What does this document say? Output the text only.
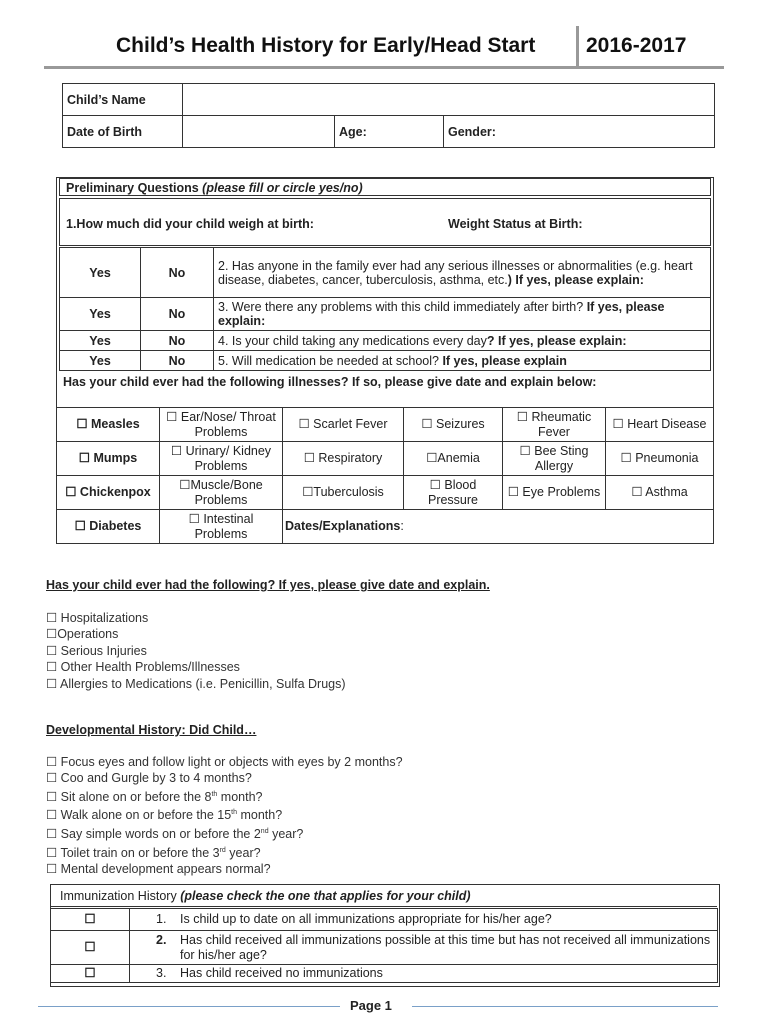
Child’s Health History for Early/Head Start	2016-2017
Child’s Name			
Date of Birth		Age:	Gender:
Preliminary Questions (please fill or circle yes/no)
1.How much did your child weigh at birth:	Weight Status at Birth:
Yes	No	2. Has anyone in the family ever had any serious illnesses or abnormalities (e.g. heart disease, diabetes, cancer, tuberculosis, asthma, etc.) If yes, please explain:
Yes	No	3. Were there any problems with this child immediately after birth? If yes, please explain:
Yes	No	4. Is your child taking any medications every day? If yes, please explain:
Yes	No	5. Will medication be needed at school? If yes, please explain
Has your child ever had the following illnesses? If so, please give date and explain below:
☐ Measles	☐ Ear/Nose/ Throat Problems	☐ Scarlet Fever	☐ Seizures	☐ Rheumatic Fever	☐ Heart Disease
☐ Mumps	☐ Urinary/ Kidney Problems	☐ Respiratory	☐Anemia	☐ Bee Sting Allergy	☐ Pneumonia
☐ Chickenpox	☐Muscle/Bone Problems	☐Tuberculosis	☐ Blood Pressure	☐ Eye Problems	☐ Asthma
☐ Diabetes	☐ Intestinal Problems	Dates/Explanations:			
Has your child ever had the following? If yes, please give date and explain.
☐ Hospitalizations
☐Operations
☐ Serious Injuries
☐ Other Health Problems/Illnesses
☐ Allergies to Medications (i.e. Penicillin, Sulfa Drugs)
Developmental History: Did Child…
☐ Focus eyes and follow light or objects with eyes by 2 months?
☐ Coo and Gurgle by 3 to 4 months?
☐ Sit alone on or before the 8th month?
☐ Walk alone on or before the 15th month?
☐ Say simple words on or before the 2nd year?
☐ Toilet train on or before the 3rd year?
☐ Mental development appears normal?
Immunization History (please check the one that applies for your child)
☐	1. Is child up to date on all immunizations appropriate for his/her age?
☐	2. Has child received all immunizations possible at this time but has not received all immunizations for his/her age?

☐	3. Has child received no immunizations
Page 1
